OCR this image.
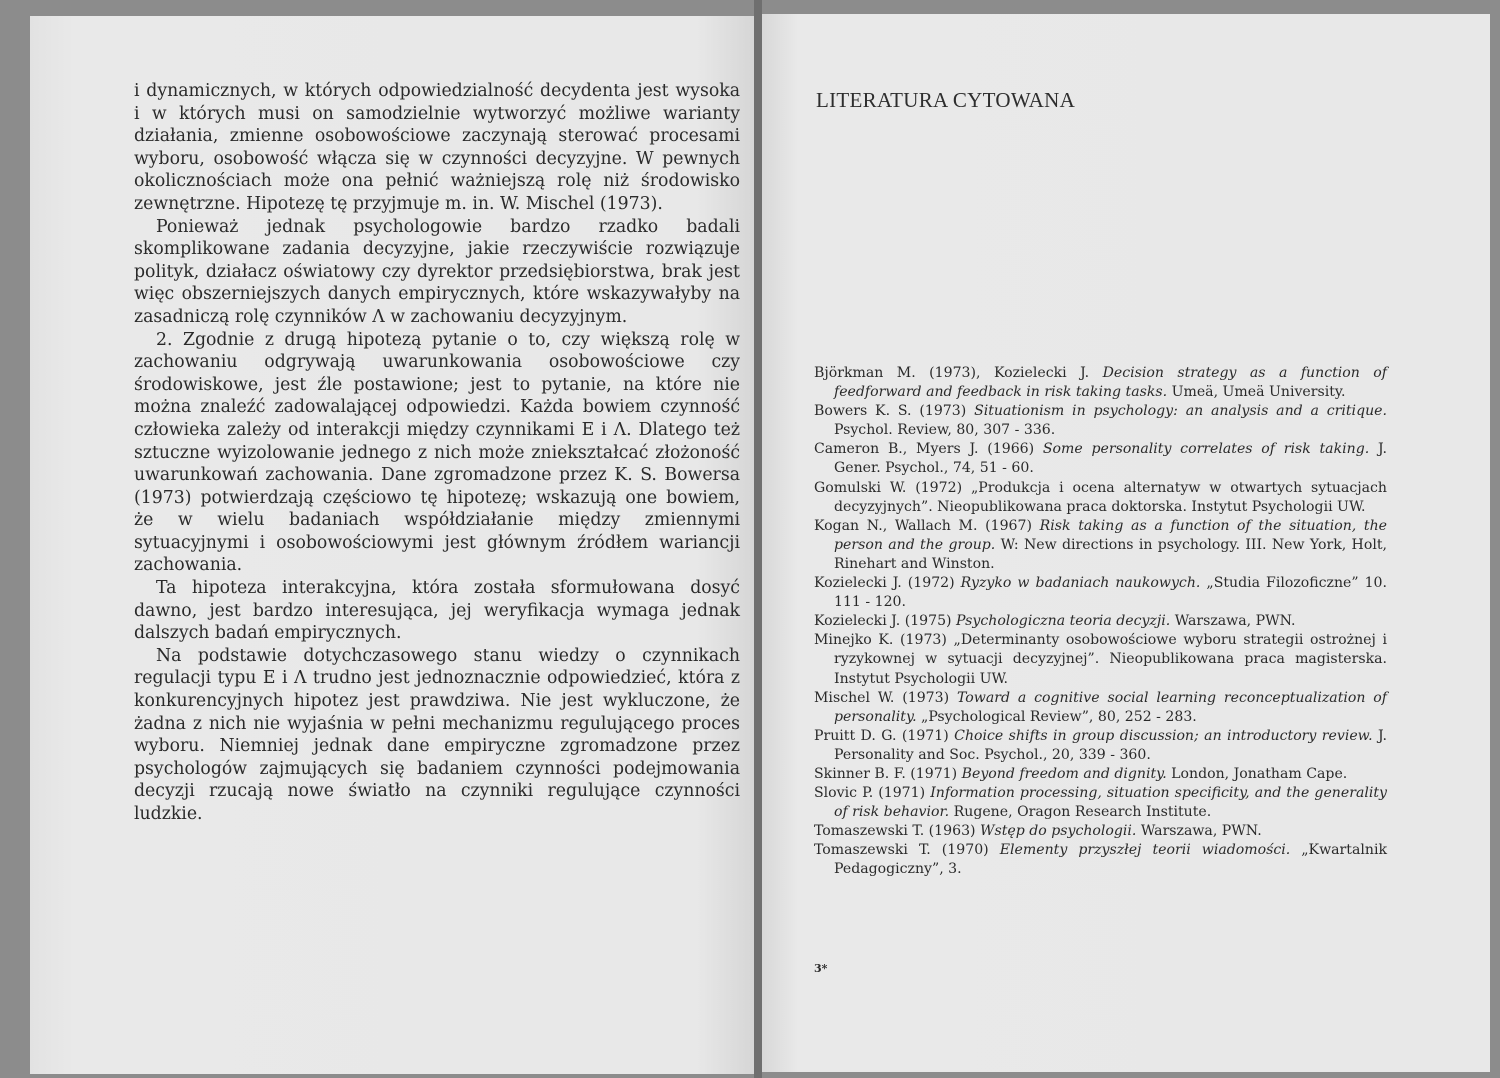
i dynamicznych, w których odpowiedzialność decydenta jest wysoka i w których musi on samodzielnie wytworzyć możliwe warianty działania, zmienne osobowościowe zaczynają sterować procesami wyboru, osobowość włącza się w czynności decyzyjne. W pewnych okolicznościach może ona pełnić ważniejszą rolę niż środowisko zewnętrzne. Hipotezę tę przyjmuje m. in. W. Mischel (1973).

Ponieważ jednak psychologowie bardzo rzadko badali skomplikowane zadania decyzyjne, jakie rzeczywiście rozwiązuje polityk, działacz oświatowy czy dyrektor przedsiębiorstwa, brak jest więc obszerniejszych danych empirycznych, które wskazywałyby na zasadniczą rolę czynników Λ w zachowaniu decyzyjnym.

2. Zgodnie z drugą hipotezą pytanie o to, czy większą rolę w zachowaniu odgrywają uwarunkowania osobowościowe czy środowiskowe, jest źle postawione; jest to pytanie, na które nie można znaleźć zadowalającej odpowiedzi. Każda bowiem czynność człowieka zależy od interakcji między czynnikami E i Λ. Dlatego też sztuczne wyizolowanie jednego z nich może zniekształcać złożoność uwarunkowań zachowania. Dane zgromadzone przez K. S. Bowersa (1973) potwierdzają częściowo tę hipotezę; wskazują one bowiem, że w wielu badaniach współdziałanie między zmiennymi sytuacyjnymi i osobowościowymi jest głównym źródłem wariancji zachowania.

Ta hipoteza interakcyjna, która została sformułowana dosyć dawno, jest bardzo interesująca, jej weryfikacja wymaga jednak dalszych badań empirycznych.

Na podstawie dotychczasowego stanu wiedzy o czynnikach regulacji typu E i Λ trudno jest jednoznacznie odpowiedzieć, która z konkurencyjnych hipotez jest prawdziwa. Nie jest wykluczone, że żadna z nich nie wyjaśnia w pełni mechanizmu regulującego proces wyboru. Niemniej jednak dane empiryczne zgromadzone przez psychologów zajmujących się badaniem czynności podejmowania decyzji rzucają nowe światło na czynniki regulujące czynności ludzkie.

LITERATURA CYTOWANA

Björkman M. (1973), Kozielecki J. Decision strategy as a function of feedforward and feedback in risk taking tasks. Umeä, Umeä University.

Bowers K. S. (1973) Situationism in psychology: an analysis and a critique. Psychol. Review, 80, 307 - 336.

Cameron B., Myers J. (1966) Some personality correlates of risk taking. J. Gener. Psychol., 74, 51 - 60.

Gomulski W. (1972) „Produkcja i ocena alternatyw w otwartych sytuacjach decyzyjnych”. Nieopublikowana praca doktorska. Instytut Psychologii UW.

Kogan N., Wallach M. (1967) Risk taking as a function of the situation, the person and the group. W: New directions in psychology. III. New York, Holt, Rinehart and Winston.

Kozielecki J. (1972) Ryzyko w badaniach naukowych. „Studia Filozoficzne” 10. 111 - 120.

Kozielecki J. (1975) Psychologiczna teoria decyzji. Warszawa, PWN.

Minejko K. (1973) „Determinanty osobowościowe wyboru strategii ostrożnej i ryzykownej w sytuacji decyzyjnej”. Nieopublikowana praca magisterska. Instytut Psychologii UW.

Mischel W. (1973) Toward a cognitive social learning reconceptualization of personality. „Psychological Review”, 80, 252 - 283.

Pruitt D. G. (1971) Choice shifts in group discussion; an introductory review. J. Personality and Soc. Psychol., 20, 339 - 360.

Skinner B. F. (1971) Beyond freedom and dignity. London, Jonatham Cape.

Slovic P. (1971) Information processing, situation specificity, and the generality of risk behavior. Rugene, Oragon Research Institute.

Tomaszewski T. (1963) Wstęp do psychologii. Warszawa, PWN.

Tomaszewski T. (1970) Elementy przyszłej teorii wiadomości. „Kwartalnik Pedagogiczny”, 3.

3*
